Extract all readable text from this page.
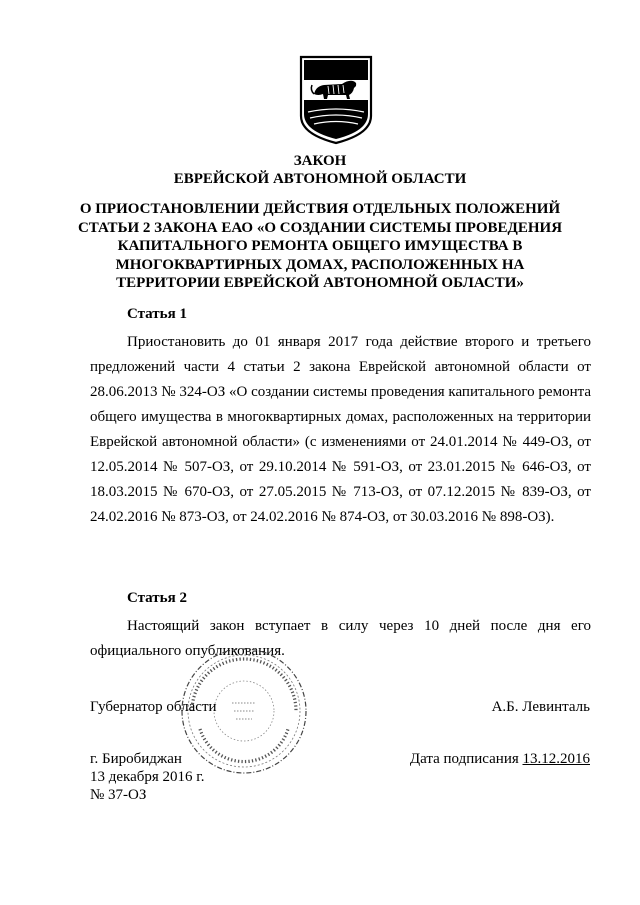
ЗАКОН
ЕВРЕЙСКОЙ АВТОНОМНОЙ ОБЛАСТИ
О ПРИОСТАНОВЛЕНИИ ДЕЙСТВИЯ ОТДЕЛЬНЫХ ПОЛОЖЕНИЙ
СТАТЬИ 2 ЗАКОНА ЕАО «О СОЗДАНИИ СИСТЕМЫ ПРОВЕДЕНИЯ
КАПИТАЛЬНОГО РЕМОНТА ОБЩЕГО ИМУЩЕСТВА В
МНОГОКВАРТИРНЫХ ДОМАХ, РАСПОЛОЖЕННЫХ НА
ТЕРРИТОРИИ ЕВРЕЙСКОЙ АВТОНОМНОЙ ОБЛАСТИ»
Статья 1
Приостановить до 01 января 2017 года действие второго и третьего предложений части 4 статьи 2 закона Еврейской автономной области от 28.06.2013 № 324-ОЗ «О создании системы проведения капитального ремонта общего имущества в многоквартирных домах, расположенных на территории Еврейской автономной области» (с изменениями от 24.01.2014 № 449-ОЗ, от 12.05.2014 № 507-ОЗ, от 29.10.2014 № 591-ОЗ, от 23.01.2015 № 646-ОЗ, от 18.03.2015 № 670-ОЗ, от 27.05.2015 № 713-ОЗ, от 07.12.2015 № 839-ОЗ, от 24.02.2016 № 873-ОЗ, от 24.02.2016 № 874-ОЗ, от 30.03.2016 № 898-ОЗ).
Статья 2
Настоящий закон вступает в силу через 10 дней после дня его официального опубликования.
Губернатор области	А.Б. Левинталь
г. Биробиджан
13 декабря 2016 г.
№ 37-ОЗ
Дата подписания 13.12.2016
